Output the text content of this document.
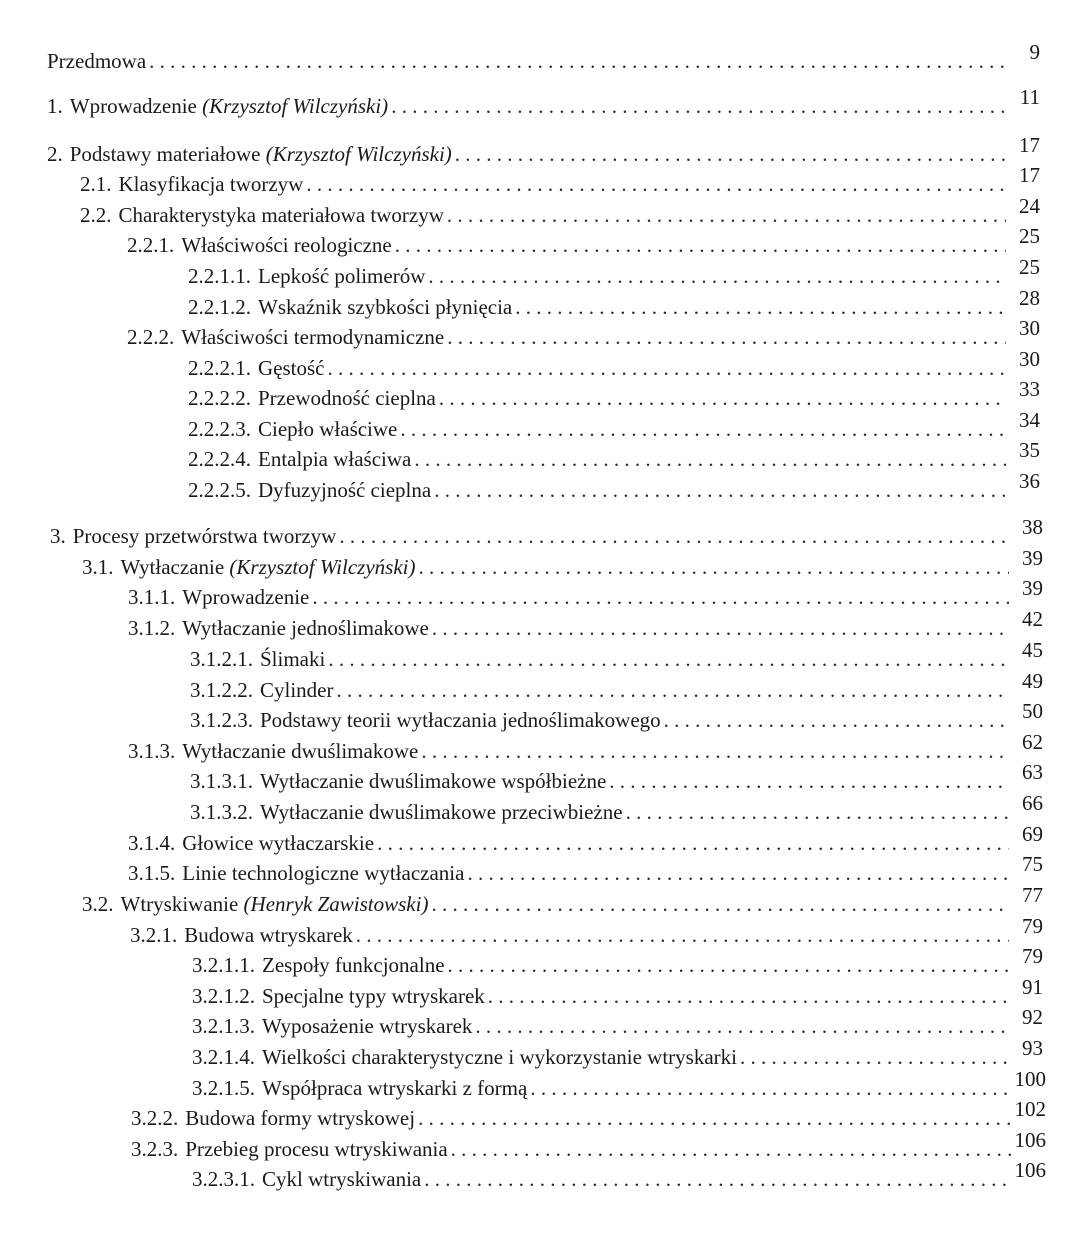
Przedmowa . . .	9
1. Wprowadzenie (Krzysztof Wilczyński) . . .	11
2. Podstawy materiałowe (Krzysztof Wilczyński) . . .	17
2.1. Klasyfikacja tworzyw . . .	17
2.2. Charakterystyka materiałowa tworzyw . . .	24
2.2.1. Właściwości reologiczne . . .	25
2.2.1.1. Lepkość polimerów . . .	25
2.2.1.2. Wskaźnik szybkości płynięcia . . .	28
2.2.2. Właściwości termodynamiczne . . .	30
2.2.2.1. Gęstość . . .	30
2.2.2.2. Przewodność cieplna . . .	33
2.2.2.3. Ciepło właściwe . . .	34
2.2.2.4. Entalpia właściwa . . .	35
2.2.2.5. Dyfuzyjność cieplna . . .	36
3. Procesy przetwórstwa tworzyw . . .	38
3.1. Wytłaczanie (Krzysztof Wilczyński) . . .	39
3.1.1. Wprowadzenie . . .	39
3.1.2. Wytłaczanie jednoślimakowe . . .	42
3.1.2.1. Ślimaki . . .	45
3.1.2.2. Cylinder . . .	49
3.1.2.3. Podstawy teorii wytłaczania jednoślimakowego . . .	50
3.1.3. Wytłaczanie dwuślimakowe . . .	62
3.1.3.1. Wytłaczanie dwuślimakowe współbieżne . . .	63
3.1.3.2. Wytłaczanie dwuślimakowe przeciwbieżne . . .	66
3.1.4. Głowice wytłaczarskie . . .	69
3.1.5. Linie technologiczne wytłaczania . . .	75
3.2. Wtryskiwanie (Henryk Zawistowski) . . .	77
3.2.1. Budowa wtryskarek . . .	79
3.2.1.1. Zespoły funkcjonalne . . .	79
3.2.1.2. Specjalne typy wtryskarek . . .	91
3.2.1.3. Wyposażenie wtryskarek . . .	92
3.2.1.4. Wielkości charakterystyczne i wykorzystanie wtryskarki . . .	93
3.2.1.5. Współpraca wtryskarki z formą . . .	100
3.2.2. Budowa formy wtryskowej . . .	102
3.2.3. Przebieg procesu wtryskiwania . . .	106
3.2.3.1. Cykl wtryskiwania . . .	106
